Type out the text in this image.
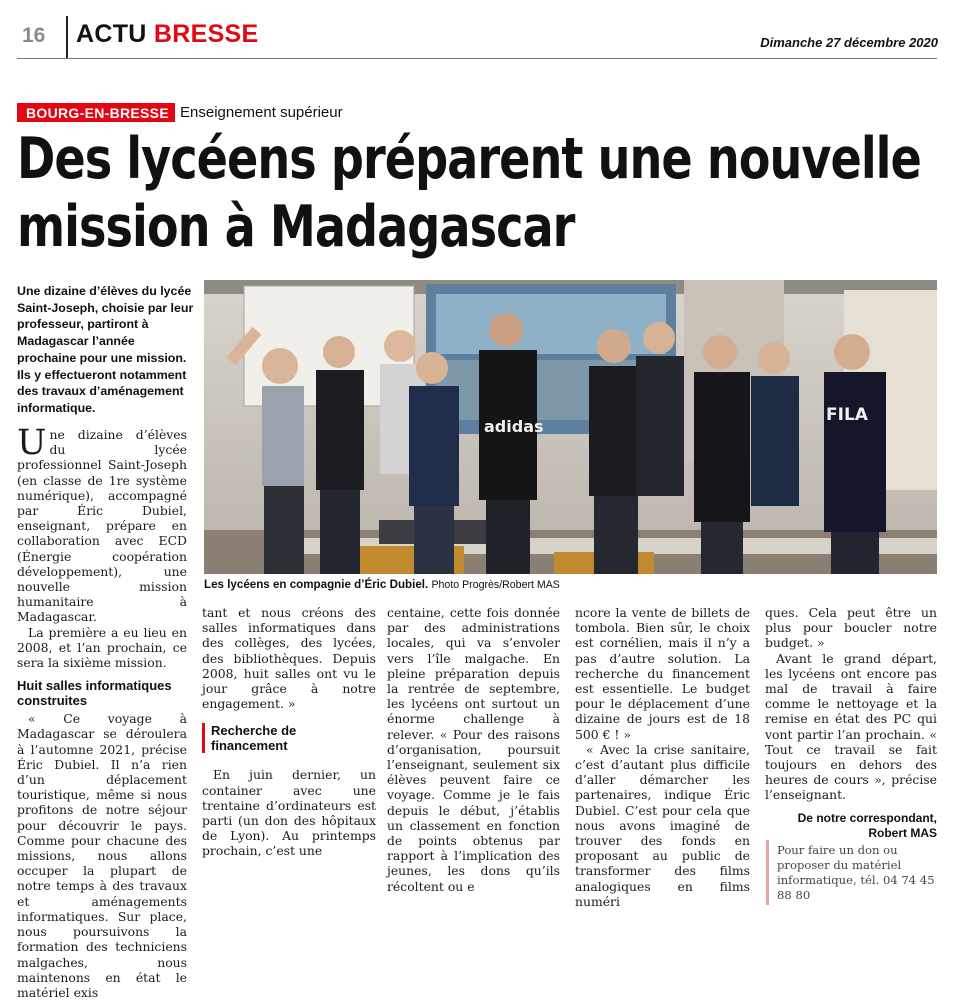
16 ACTU BRESSE	Dimanche 27 décembre 2020
BOURG-EN-BRESSE Enseignement supérieur
Des lycéens préparent une nouvelle
mission à Madagascar
Une dizaine d’élèves du lycée Saint-Joseph, choisie par leur professeur, partiront à Madagascar l’année prochaine pour une mission. Ils y effectueront notamment des travaux d’aménagement informatique.
adidas
FILA
Les lycéens en compagnie d’Éric Dubiel. Photo Progrès/Robert MAS

Une dizaine d’élèves du lycée professionnel Saint-Joseph (en classe de 1re système numérique), accompagné par Éric Dubiel, enseignant, prépare en collaboration avec ECD (Énergie coopération développement), une nouvelle mission humanitaire à Madagascar.

La première a eu lieu en 2008, et l’an prochain, ce sera la sixième mission.

Huit salles informatiques construites

« Ce voyage à Madagascar se déroulera à l’automne 2021, précise Éric Dubiel. Il n’a rien d’un déplacement touristique, même si nous profitons de notre séjour pour découvrir le pays. Comme pour chacune des missions, nous allons occuper la plupart de notre temps à des travaux et aménagements informatiques. Sur place, nous poursuivons la formation des techniciens malgaches, nous maintenons en état le matériel exis

tant et nous créons des salles informatiques dans des collèges, des lycées, des bibliothèques. Depuis 2008, huit salles ont vu le jour grâce à notre engagement. »

Recherche de financement

En juin dernier, un container avec une trentaine d’ordinateurs est parti (un don des hôpitaux de Lyon). Au printemps prochain, c’est une

centaine, cette fois donnée par des administrations locales, qui va s’envoler vers l’île malgache. En pleine préparation depuis la rentrée de septembre, les lycéens ont surtout un énorme challenge à relever. « Pour des raisons d’organisation, poursuit l’enseignant, seulement six élèves peuvent faire ce voyage. Comme je le fais depuis le début, j’établis un classement en fonction de points obtenus par rapport à l’implication des jeunes, les dons qu’ils récoltent ou e

ncore la vente de billets de tombola. Bien sûr, le choix est cornélien, mais il n’y a pas d’autre solution. La recherche du financement est essentielle. Le budget pour le déplacement d’une dizaine de jours est de 18 500 € ! »

« Avec la crise sanitaire, c’est d’autant plus difficile d’aller démarcher les partenaires, indique Éric Dubiel. C’est pour cela que nous avons imaginé de trouver des fonds en proposant au public de transformer des films analogiques en films numéri

ques. Cela peut être un plus pour boucler notre budget. »

Avant le grand départ, les lycéens ont encore pas mal de travail à faire comme le nettoyage et la remise en état des PC qui vont partir l’an prochain. « Tout ce travail se fait toujours en dehors des heures de cours », précise l’enseignant.

De notre correspondant,
Robert MAS
Pour faire un don ou proposer du matériel informatique, tél. 04 74 45 88 80
